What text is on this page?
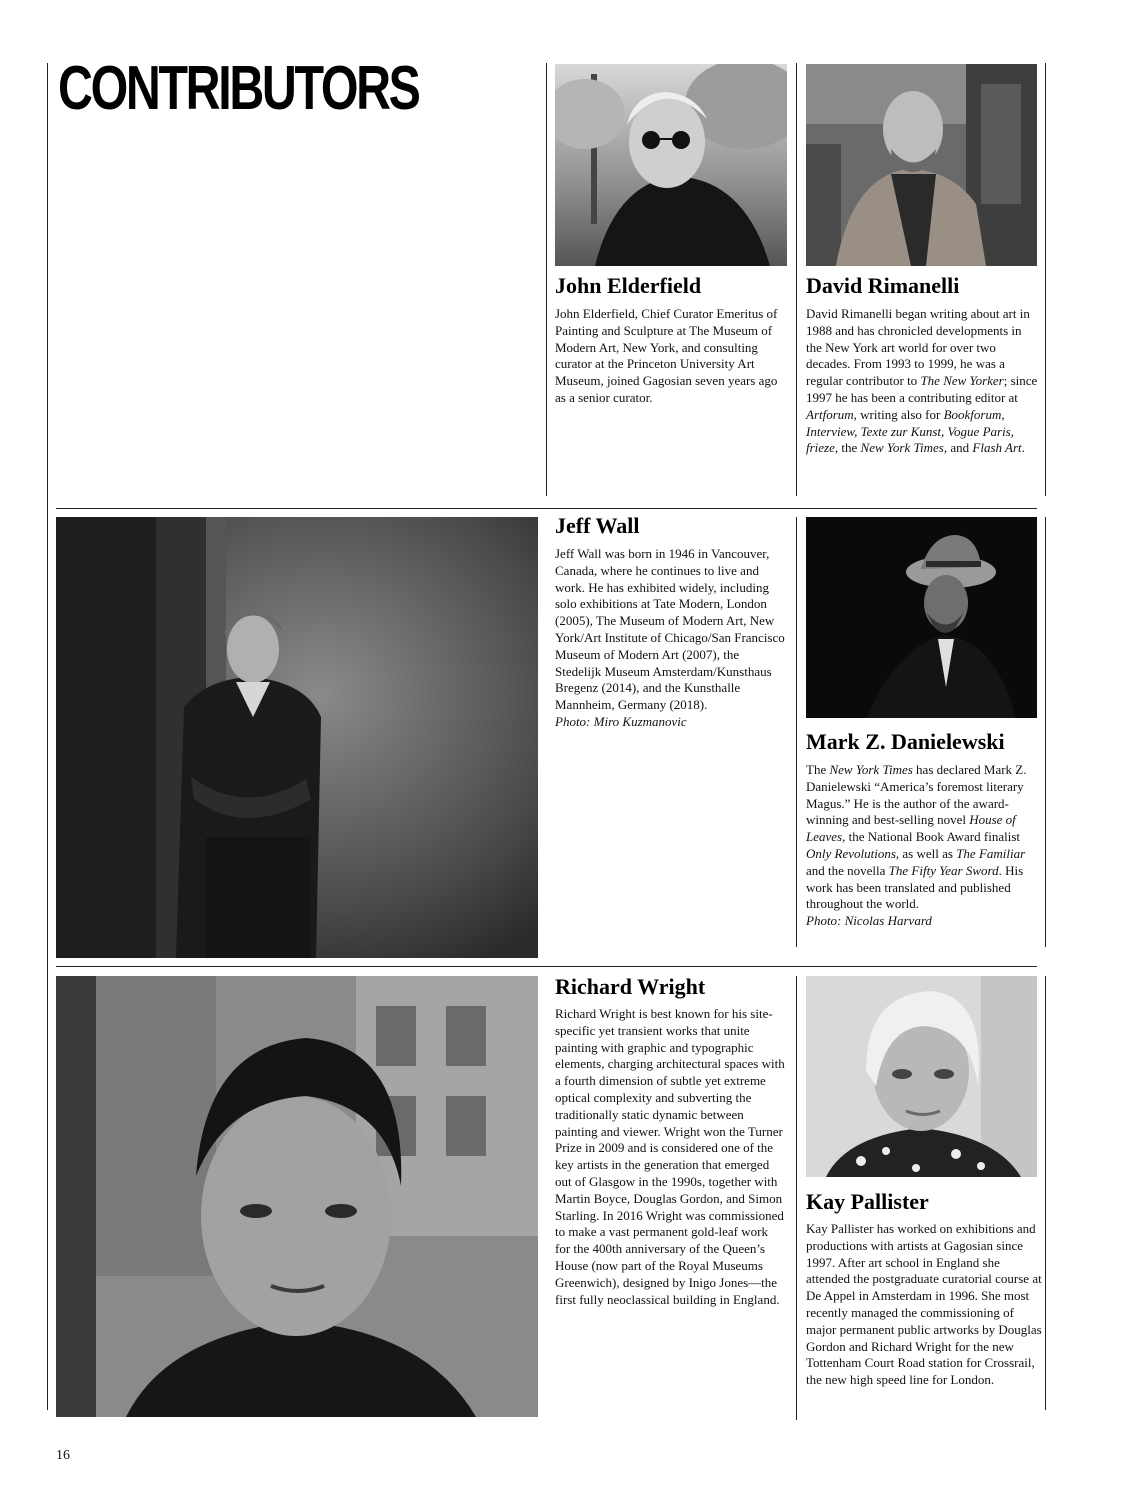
CONTRIBUTORS
John Elderfield

John Elderfield, Chief Curator Emeritus of Painting and Sculpture at The Museum of Modern Art, New York, and consulting curator at the Princeton University Art Museum, joined Gagosian seven years ago as a senior curator.

David Rimanelli

David Rimanelli began writing about art in 1988 and has chronicled developments in the New York art world for over two decades. From 1993 to 1999, he was a regular contributor to The New Yorker; since 1997 he has been a contributing editor at Artforum, writing also for Bookforum, Interview, Texte zur Kunst, Vogue Paris, frieze, the New York Times, and Flash Art.

Jeff Wall

Jeff Wall was born in 1946 in Vancouver, Canada, where he continues to live and work. He has exhibited widely, including solo exhibitions at Tate Modern, London (2005), The Museum of Modern Art, New York/Art Institute of Chicago/San Francisco Museum of Modern Art (2007), the Stedelijk Museum Amsterdam/Kunsthaus Bregenz (2014), and the Kunsthalle Mannheim, Germany (2018).
Photo: Miro Kuzmanovic

Mark Z. Danielewski

The New York Times has declared Mark Z. Danielewski “America’s foremost literary Magus.” He is the author of the award-winning and best-selling novel House of Leaves, the National Book Award finalist Only Revolutions, as well as The Familiar and the novella The Fifty Year Sword. His work has been translated and published throughout the world.
Photo: Nicolas Harvard

Richard Wright

Richard Wright is best known for his site-specific yet transient works that unite painting with graphic and typographic elements, charging architectural spaces with a fourth dimension of subtle yet extreme optical complexity and subverting the traditionally static dynamic between painting and viewer. Wright won the Turner Prize in 2009 and is considered one of the key artists in the generation that emerged out of Glasgow in the 1990s, together with Martin Boyce, Douglas Gordon, and Simon Starling. In 2016 Wright was commissioned to make a vast permanent gold-leaf work for the 400th anniversary of the Queen’s House (now part of the Royal Museums Greenwich), designed by Inigo Jones—the first fully neoclassical building in England.

Kay Pallister

Kay Pallister has worked on exhibitions and productions with artists at Gagosian since 1997. After art school in England she attended the postgraduate curatorial course at De Appel in Amsterdam in 1996. She most recently managed the commissioning of major permanent public artworks by Douglas Gordon and Richard Wright for the new Tottenham Court Road station for Crossrail, the new high speed line for London.

16
